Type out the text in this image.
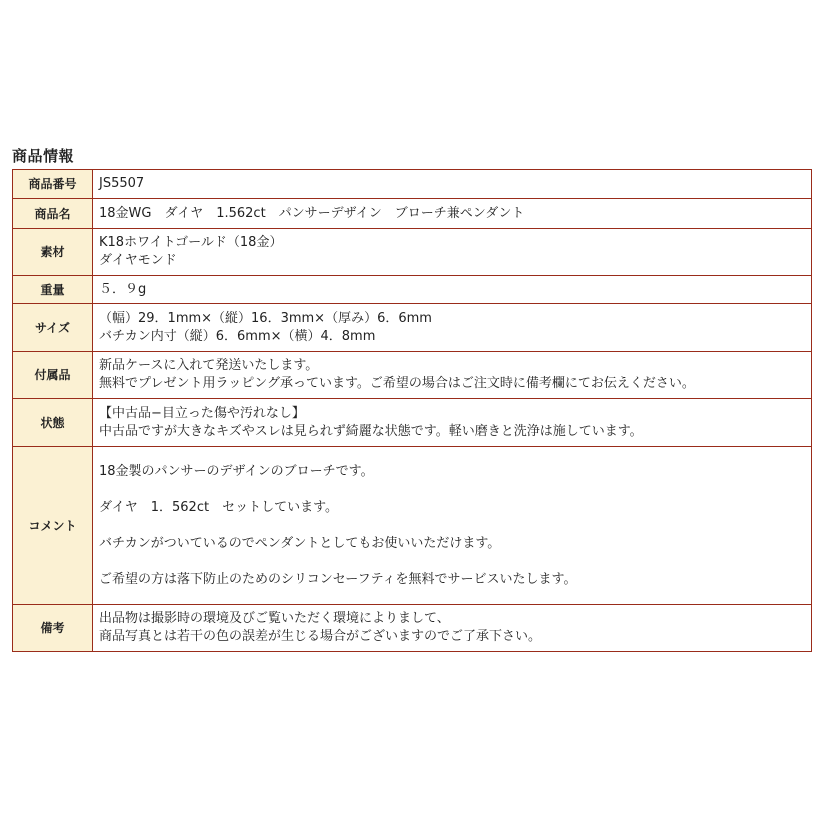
商品情報
商品番号	JS5507

商品名	18金WG　ダイヤ　1.562ct　パンサーデザイン　ブローチ兼ペンダント

素材	K18ホワイトゴールド（18金）
ダイヤモンド

重量	５．９g

サイズ	（幅）29．1mm×（縦）16．3mm×（厚み）6．6mm
バチカン内寸（縦）6．6mm×（横）4．8mm

付属品	新品ケースに入れて発送いたします。
無料でプレゼント用ラッピング承っています。ご希望の場合はご注文時に備考欄にてお伝えください。

状態	【中古品−目立った傷や汚れなし】
中古品ですが大きなキズやスレは見られず綺麗な状態です。軽い磨きと洗浄は施しています。

コメント	18金製のパンサーのデザインのブローチです。
ダイヤ　1．562ct　セットしています。
バチカンがついているのでペンダントとしてもお使いいただけます。
ご希望の方は落下防止のためのシリコンセーフティを無料でサービスいたします。

備考	出品物は撮影時の環境及びご覧いただく環境によりまして、
商品写真とは若干の色の誤差が生じる場合がございますのでご了承下さい。
